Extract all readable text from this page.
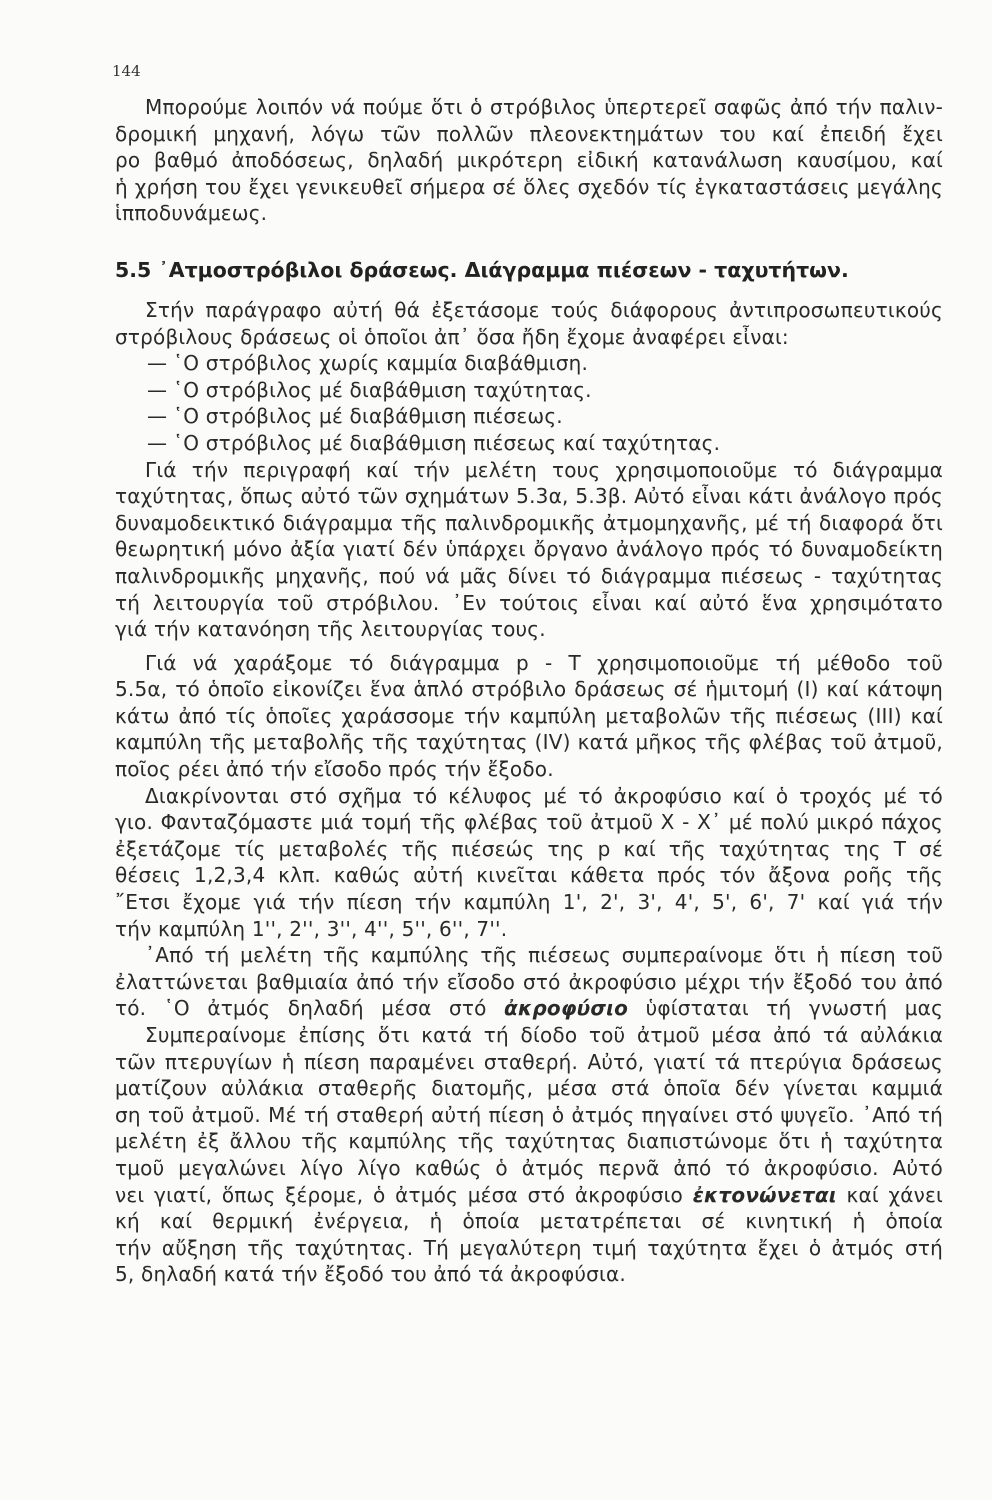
144
Μπορούμε λοιπόν νά πούμε ὅτι ὁ στρόβιλος ὑπερτερεῖ σαφῶς ἀπό τήν παλιν-
δρομική μηχανή, λόγω τῶν πολλῶν πλεονεκτημάτων του καί ἐπειδή ἔχει
ρο βαθμό ἀποδόσεως, δηλαδή μικρότερη εἰδική κατανάλωση καυσίμου, καί
ἡ χρήση του ἔχει γενικευθεῖ σήμερα σέ ὅλες σχεδόν τίς ἐγκαταστάσεις μεγάλης
ἱπποδυνάμεως.
5.5 ᾿Ατμοστρόβιλοι δράσεως. Διάγραμμα πιέσεων - ταχυτήτων.
Στήν παράγραφο αὐτή θά ἐξετάσομε τούς διάφορους ἀντιπροσωπευτικούς
στρόβιλους δράσεως οἱ ὁποῖοι ἀπ᾿ ὅσα ἤδη ἔχομε ἀναφέρει εἶναι:
— ῾Ο στρόβιλος χωρίς καμμία διαβάθμιση.
— ῾Ο στρόβιλος μέ διαβάθμιση ταχύτητας.
— ῾Ο στρόβιλος μέ διαβάθμιση πιέσεως.
— ῾Ο στρόβιλος μέ διαβάθμιση πιέσεως καί ταχύτητας.
Γιά τήν περιγραφή καί τήν μελέτη τους χρησιμοποιοῦμε τό διάγραμμα
ταχύτητας, ὅπως αὐτό τῶν σχημάτων 5.3α, 5.3β. Αὐτό εἶναι κάτι ἀνάλογο πρός
δυναμοδεικτικό διάγραμμα τῆς παλινδρομικῆς ἀτμομηχανῆς, μέ τή διαφορά ὅτι
θεωρητική μόνο ἀξία γιατί δέν ὑπάρχει ὄργανο ἀνάλογο πρός τό δυναμοδείκτη
παλινδρομικῆς μηχανῆς, πού νά μᾶς δίνει τό διάγραμμα πιέσεως - ταχύτητας
τή λειτουργία τοῦ στρόβιλου. ᾿Εν τούτοις εἶναι καί αὐτό ἕνα χρησιμότατο
γιά τήν κατανόηση τῆς λειτουργίας τους.
Γιά νά χαράξομε τό διάγραμμα p - T χρησιμοποιοῦμε τή μέθοδο τοῦ
5.5α, τό ὁποῖο εἰκονίζει ἕνα ἁπλό στρόβιλο δράσεως σέ ἡμιτομή (I) καί κάτοψη
κάτω ἀπό τίς ὁποῖες χαράσσομε τήν καμπύλη μεταβολῶν τῆς πιέσεως (III) καί
καμπύλη τῆς μεταβολῆς τῆς ταχύτητας (IV) κατά μῆκος τῆς φλέβας τοῦ ἀτμοῦ,
ποῖος ρέει ἀπό τήν εἴσοδο πρός τήν ἔξοδο.
Διακρίνονται στό σχῆμα τό κέλυφος μέ τό ἀκροφύσιο καί ὁ τροχός μέ τό
γιο. Φανταζόμαστε μιά τομή τῆς φλέβας τοῦ ἀτμοῦ Χ - Χ᾿ μέ πολύ μικρό πάχος
ἐξετάζομε τίς μεταβολές τῆς πιέσεώς της p καί τῆς ταχύτητας της Τ σέ
θέσεις 1,2,3,4 κλπ. καθώς αὐτή κινεῖται κάθετα πρός τόν ἄξονα ροῆς τῆς
῎Ετσι ἔχομε γιά τήν πίεση τήν καμπύλη 1', 2', 3', 4', 5', 6', 7' καί γιά τήν
τήν καμπύλη 1'', 2'', 3'', 4'', 5'', 6'', 7''.
᾿Από τή μελέτη τῆς καμπύλης τῆς πιέσεως συμπεραίνομε ὅτι ἡ πίεση τοῦ
ἐλαττώνεται βαθμιαία ἀπό τήν εἴσοδο στό ἀκροφύσιο μέχρι τήν ἔξοδό του ἀπό
τό. ῾Ο ἀτμός δηλαδή μέσα στό ἀκροφύσιο ὑφίσταται τή γνωστή μας
Συμπεραίνομε ἐπίσης ὅτι κατά τή δίοδο τοῦ ἀτμοῦ μέσα ἀπό τά αὐλάκια
τῶν πτερυγίων ἡ πίεση παραμένει σταθερή. Αὐτό, γιατί τά πτερύγια δράσεως
ματίζουν αὐλάκια σταθερῆς διατομῆς, μέσα στά ὁποῖα δέν γίνεται καμμιά
ση τοῦ ἀτμοῦ. Μέ τή σταθερή αὐτή πίεση ὁ ἀτμός πηγαίνει στό ψυγεῖο. ᾿Από τή
μελέτη ἐξ ἄλλου τῆς καμπύλης τῆς ταχύτητας διαπιστώνομε ὅτι ἡ ταχύτητα
τμοῦ μεγαλώνει λίγο λίγο καθώς ὁ ἀτμός περνᾶ ἀπό τό ἀκροφύσιο. Αὐτό
νει γιατί, ὅπως ξέρομε, ὁ ἀτμός μέσα στό ἀκροφύσιο ἐκτονώνεται καί χάνει
κή καί θερμική ἐνέργεια, ἡ ὁποία μετατρέπεται σέ κινητική ἡ ὁποία
τήν αὔξηση τῆς ταχύτητας. Τή μεγαλύτερη τιμή ταχύτητα ἔχει ὁ ἀτμός στή
5, δηλαδή κατά τήν ἔξοδό του ἀπό τά ἀκροφύσια.
